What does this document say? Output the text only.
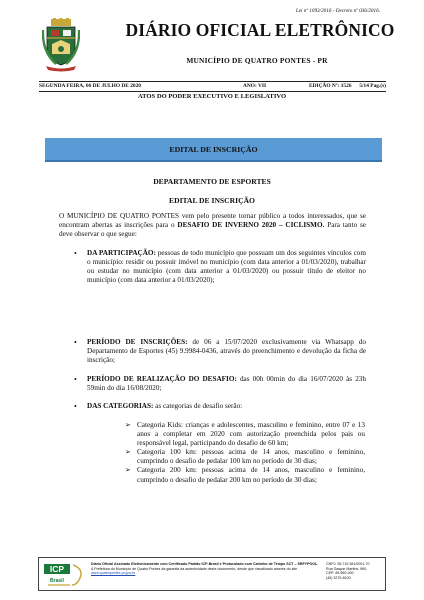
Lei nº 1093/2016 - Decreto nº 036/2016.
DIÁRIO OFICIAL ELETRÔNICO
MUNICÍPIO DE QUATRO PONTES - PR
SEGUNDA FEIRA, 06 DE JULHO DE 2020	ANO: VII	EDIÇÃO Nº: 1526 5/14 Pag.(s)
ATOS DO PODER EXECUTIVO E LEGISLATIVO
EDITAL DE INSCRIÇÃO
DEPARTAMENTO DE ESPORTES
EDITAL DE INSCRIÇÃO
O MUNICÍPIO DE QUATRO PONTES vem pelo presente tornar público a todos interessados, que se encontram abertas as inscrições para o DESAFIO DE INVERNO 2020 – CICLISMO. Para tanto se deve observar o que segue:
• DA PARTICIPAÇÃO: pessoas de todo município que possuam um dos seguintes vínculos com o município: residir ou possuir imóvel no município (com data anterior a 01/03/2020), trabalhar ou estudar no município (com data anterior a 01/03/2020) ou possuir título de eleitor no município (com data anterior a 01/03/2020);
• PERÍODO DE INSCRIÇÕES: de 06 a 15/07/2020 exclusivamente via Whatsapp do Departamento de Esportes (45) 9.9984-0436, através do preenchimento e devolução da ficha de inscrição;
• PERÍODO DE REALIZAÇÃO DO DESAFIO: das 00h 00min do dia 16/07/2020 às 23h 59min do dia 16/08/2020;
• DAS CATEGORIAS: as categorias de desafio serão:
➢ Categoria Kids: crianças e adolescentes, masculino e feminino, entre 07 e 13 anos a completar em 2020 com autorização preenchida pelos pais ou responsável legal, participando do desafio de 60 km;
➢ Categoria 100 km: pessoas acima de 14 anos, masculino e feminino, cumprindo o desafio de pedalar 100 km no período de 30 dias;
➢ Categoria 200 km: pessoas acima de 14 anos, masculino e feminino, cumprindo o desafio de pedalar 200 km no período de 30 dias;
ICP
Brasil
Diário Oficial Assinado Eletronicamente com Certificado Padrão ICP-Brasil e Protocolado com Carimbo de Tempo SCT – SRFYPOOL.
A Prefeitura do Município de Quatro Pontes da garantia da autenticidade deste documento, desde que visualizado através do site www.quatropontes.pr.gov.br
CNPJ: 95.719.381/0001-70
Rua Gaspar Martins, 960,
CEP: 85.960-000
(45) 3279-8100
